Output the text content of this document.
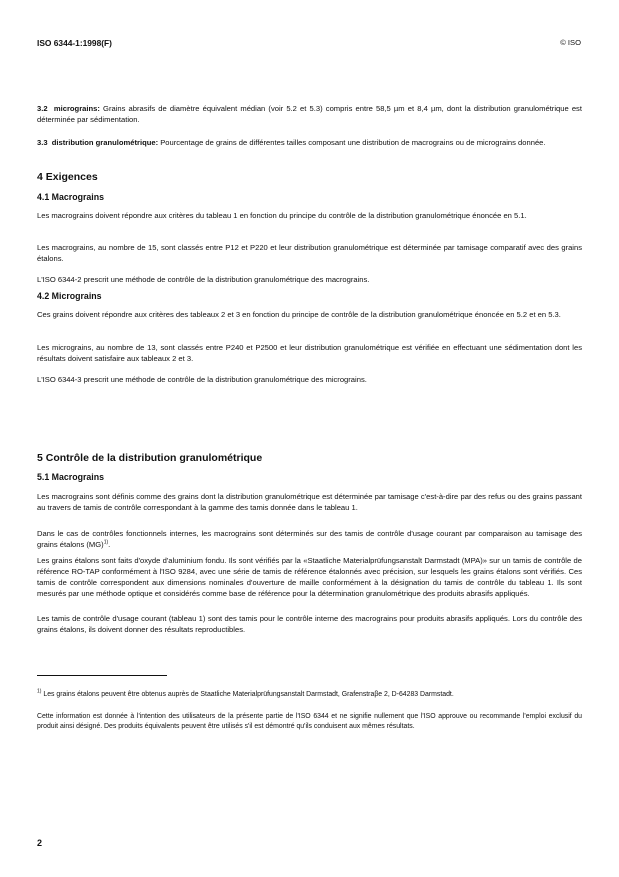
ISO 6344-1:1998(F)	© ISO
3.2 micrograins: Grains abrasifs de diamètre équivalent médian (voir 5.2 et 5.3) compris entre 58,5 µm et 8,4 µm, dont la distribution granulométrique est déterminée par sédimentation.
3.3 distribution granulométrique: Pourcentage de grains de différentes tailles composant une distribution de macrograins ou de micrograins donnée.
4 Exigences
4.1 Macrograins
Les macrograins doivent répondre aux critères du tableau 1 en fonction du principe du contrôle de la distribution granulométrique énoncée en 5.1.
Les macrograins, au nombre de 15, sont classés entre P12 et P220 et leur distribution granulométrique est déterminée par tamisage comparatif avec des grains étalons.
L'ISO 6344-2 prescrit une méthode de contrôle de la distribution granulométrique des macrograins.
4.2 Micrograins
Ces grains doivent répondre aux critères des tableaux 2 et 3 en fonction du principe de contrôle de la distribution granulométrique énoncée en 5.2 et en 5.3.
Les micrograins, au nombre de 13, sont classés entre P240 et P2500 et leur distribution granulométrique est vérifiée en effectuant une sédimentation dont les résultats doivent satisfaire aux tableaux 2 et 3.
L'ISO 6344-3 prescrit une méthode de contrôle de la distribution granulométrique des micrograins.
5 Contrôle de la distribution granulométrique
5.1 Macrograins
Les macrograins sont définis comme des grains dont la distribution granulométrique est déterminée par tamisage c'est-à-dire par des refus ou des grains passant au travers de tamis de contrôle correspondant à la gamme des tamis donnée dans le tableau 1.
Dans le cas de contrôles fonctionnels internes, les macrograins sont déterminés sur des tamis de contrôle d'usage courant par comparaison au tamisage des grains étalons (MG)$^{1)}$.
Les grains étalons sont faits d'oxyde d'aluminium fondu. Ils sont vérifiés par la «Staatliche Materialprüfungsanstalt Darmstadt (MPA)» sur un tamis de contrôle de référence RO-TAP conformément à l'ISO 9284, avec une série de tamis de référence étalonnés avec précision, sur lesquels les grains étalons sont vérifiés. Ces tamis de contrôle correspondent aux dimensions nominales d'ouverture de maille conformément à la désignation du tamis de contrôle du tableau 1. Ils sont mesurés par une méthode optique et considérés comme base de référence pour la détermination granulométrique des produits abrasifs appliqués.
Les tamis de contrôle d'usage courant (tableau 1) sont des tamis pour le contrôle interne des macrograins pour produits abrasifs appliqués. Lors du contrôle des grains étalons, ils doivent donner des résultats reproductibles.
$^{1)}$ Les grains étalons peuvent être obtenus auprès de Staatliche Materialprüfungsanstalt Darmstadt, Grafenstraβe 2, D-64283 Darmstadt.
Cette information est donnée à l'intention des utilisateurs de la présente partie de l'ISO 6344 et ne signifie nullement que l'ISO approuve ou recommande l'emploi exclusif du produit ainsi désigné. Des produits équivalents peuvent être utilisés s'il est démontré qu'ils conduisent aux mêmes résultats.
2
